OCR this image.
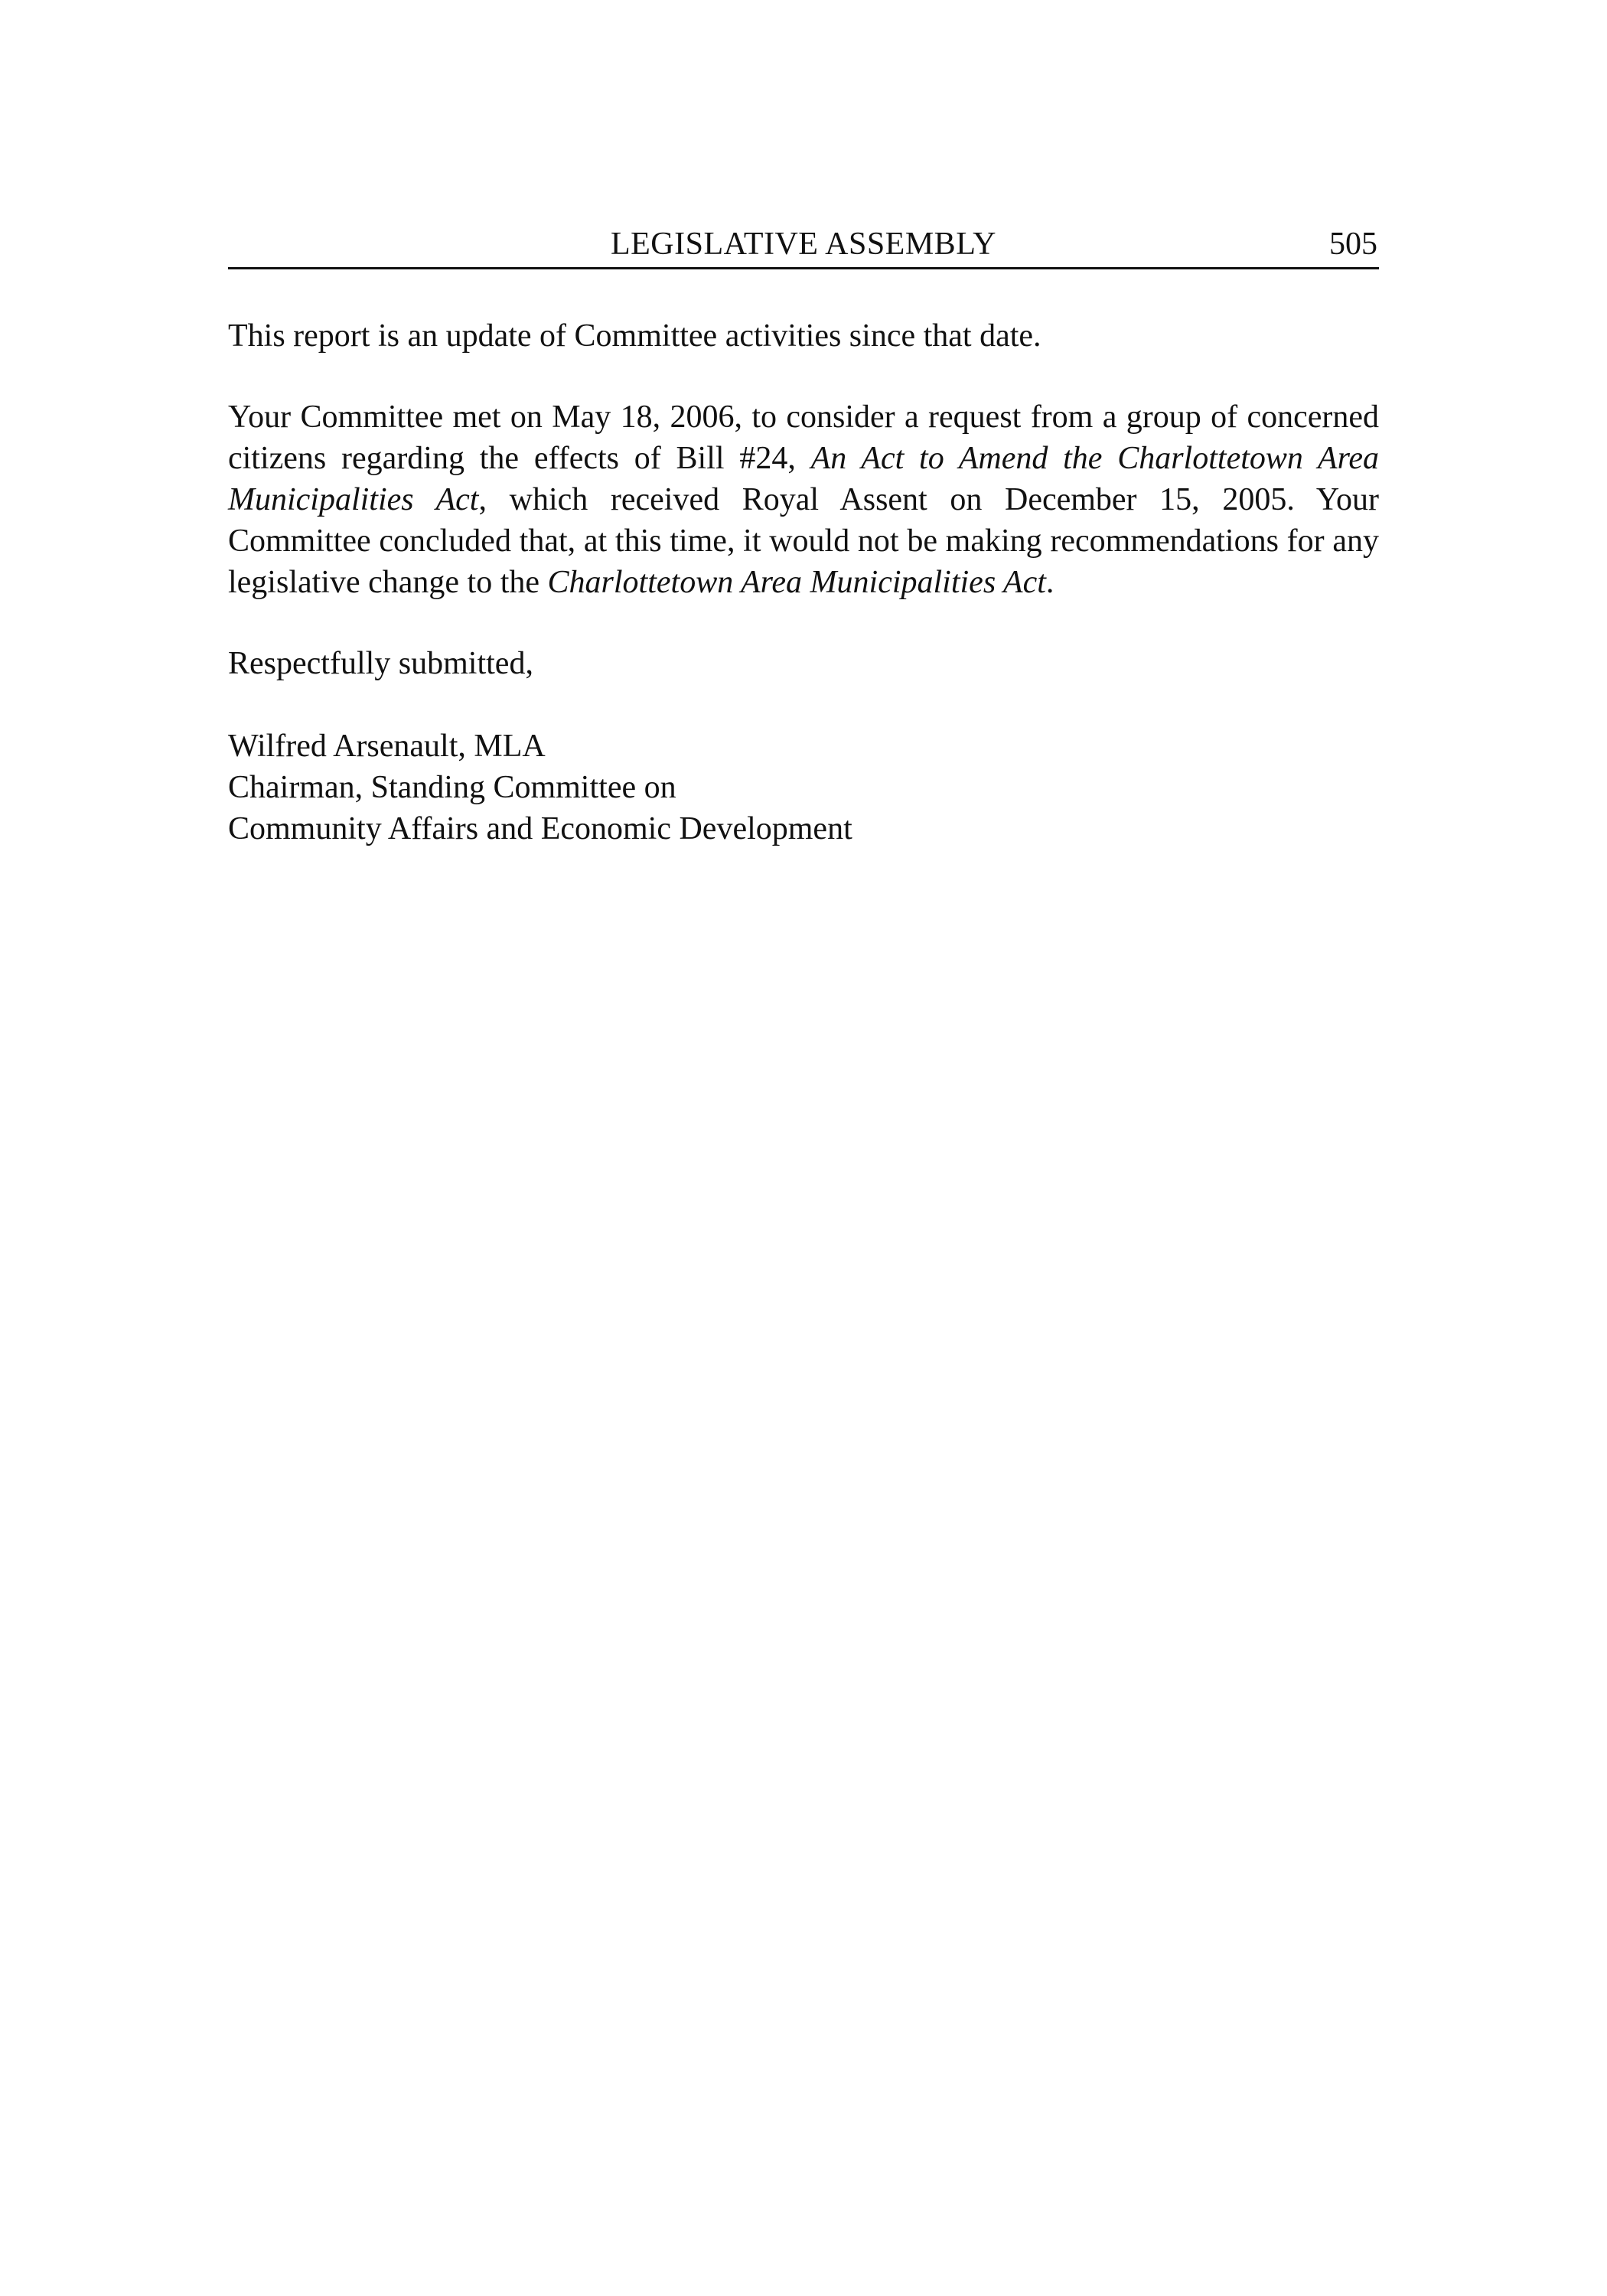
LEGISLATIVE ASSEMBLY	505

This report is an update of Committee activities since that date.

Your Committee met on May 18, 2006, to consider a request from a group of concerned citizens regarding the effects of Bill #24, An Act to Amend the Charlottetown Area Municipalities Act, which received Royal Assent on December 15, 2005. Your Committee concluded that, at this time, it would not be making recommendations for any legislative change to the Charlottetown Area Municipalities Act.

Respectfully submitted,

Wilfred Arsenault, MLA
Chairman, Standing Committee on
Community Affairs and Economic Development
